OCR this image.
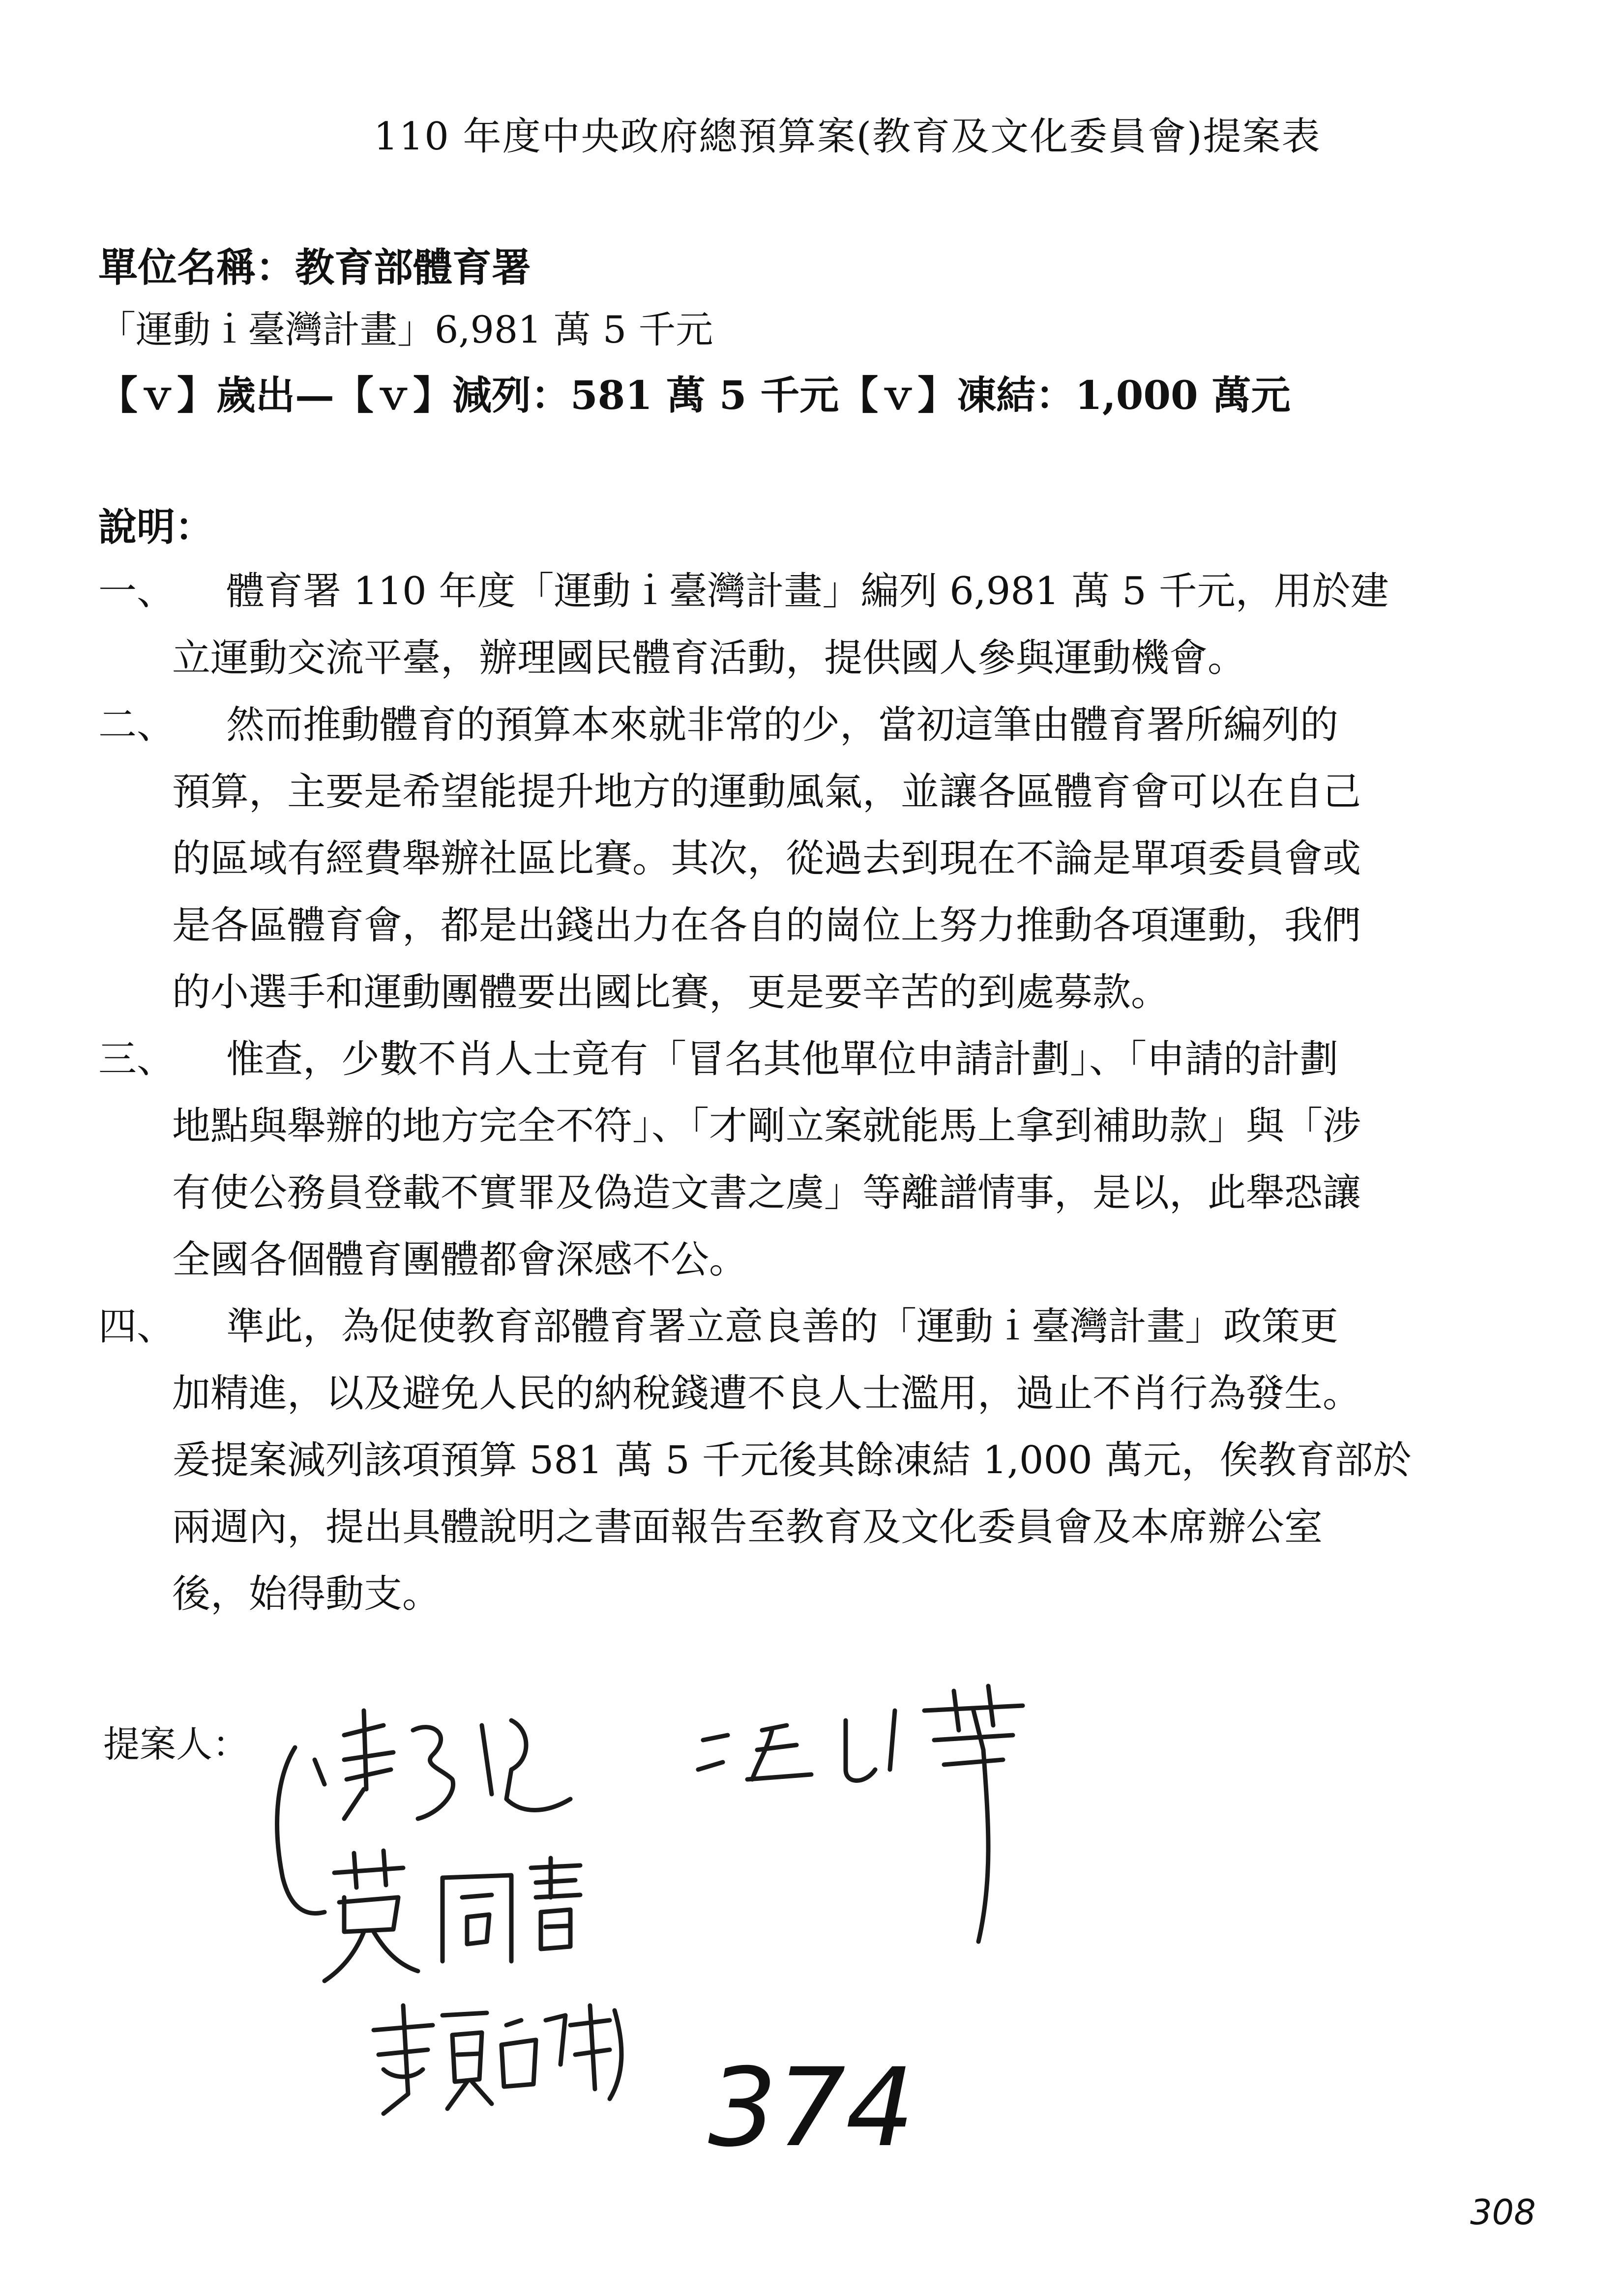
110 年度中央政府總預算案(教育及文化委員會)提案表
單位名稱：教育部體育署
「運動ｉ臺灣計畫」6,981 萬 5 千元
【ｖ】歲出—【ｖ】減列：581 萬 5 千元【ｖ】凍結：1,000 萬元
說明：
一、	體育署 110 年度「運動ｉ臺灣計畫」編列 6,981 萬 5 千元，用於建
立運動交流平臺，辦理國民體育活動，提供國人參與運動機會。
二、	然而推動體育的預算本來就非常的少，當初這筆由體育署所編列的
預算，主要是希望能提升地方的運動風氣，並讓各區體育會可以在自己
的區域有經費舉辦社區比賽。其次，從過去到現在不論是單項委員會或
是各區體育會，都是出錢出力在各自的崗位上努力推動各項運動，我們
的小選手和運動團體要出國比賽，更是要辛苦的到處募款。
三、	惟查，少數不肖人士竟有「冒名其他單位申請計劃」、「申請的計劃
地點與舉辦的地方完全不符」、「才剛立案就能馬上拿到補助款」與「涉
有使公務員登載不實罪及偽造文書之虞」等離譜情事，是以，此舉恐讓
全國各個體育團體都會深感不公。
四、	準此，為促使教育部體育署立意良善的「運動ｉ臺灣計畫」政策更
加精進，以及避免人民的納稅錢遭不良人士濫用，過止不肖行為發生。
爰提案減列該項預算 581 萬 5 千元後其餘凍結 1,000 萬元，俟教育部於
兩週內，提出具體說明之書面報告至教育及文化委員會及本席辦公室
後，始得動支。
提案人：
374
308
